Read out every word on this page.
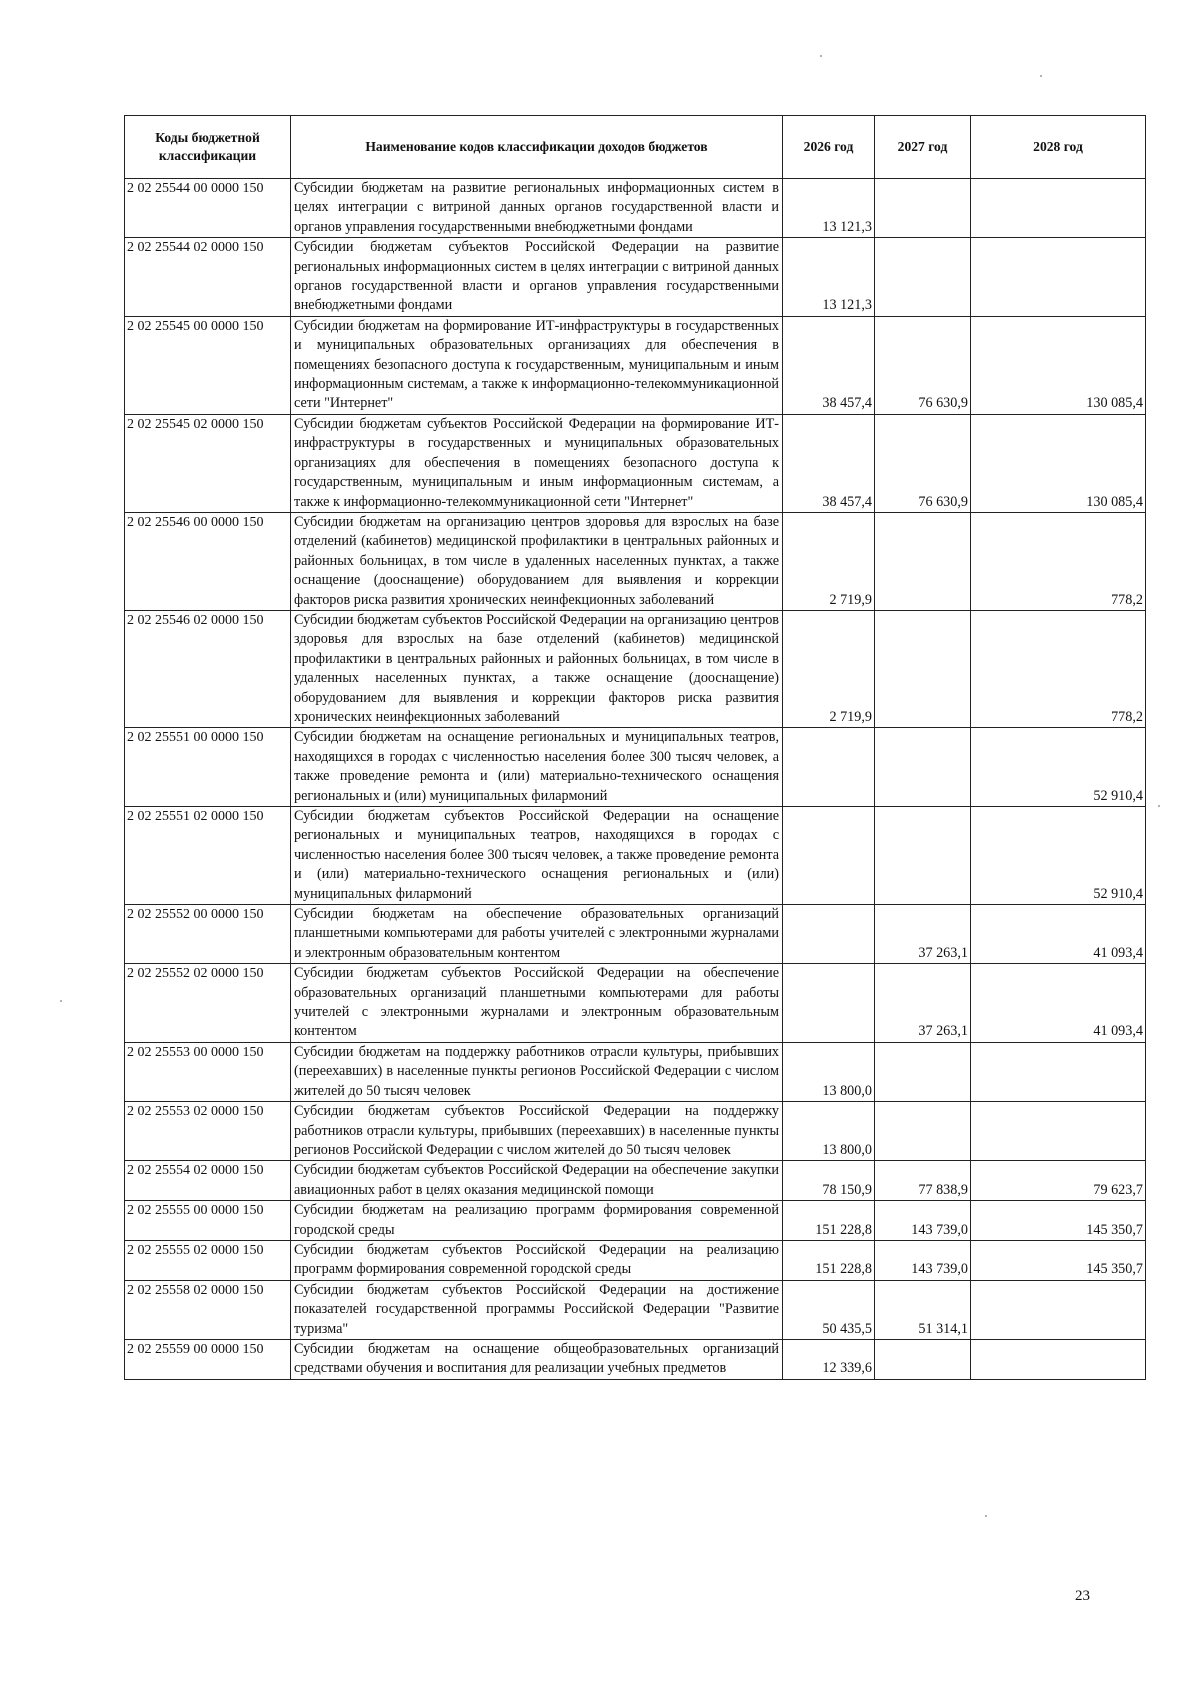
Коды бюджетной классификации	Наименование кодов классификации доходов бюджетов	2026 год	2027 год	2028 год
2 02 25544 00 0000 150	Субсидии бюджетам на развитие региональных информационных систем в целях интеграции с витриной данных органов государственной власти и органов управления государственными внебюджетными фондами	13 121,3		
2 02 25544 02 0000 150	Субсидии бюджетам субъектов Российской Федерации на развитие региональных информационных систем в целях интеграции с витриной данных органов государственной власти и органов управления государственными внебюджетными фондами	13 121,3		
2 02 25545 00 0000 150	Субсидии бюджетам на формирование ИТ-инфраструктуры в государственных и муниципальных образовательных организациях для обеспечения в помещениях безопасного доступа к государственным, муниципальным и иным информационным системам, а также к информационно-телекоммуникационной сети "Интернет"	38 457,4	76 630,9	130 085,4
2 02 25545 02 0000 150	Субсидии бюджетам субъектов Российской Федерации на формирование ИТ-инфраструктуры в государственных и муниципальных образовательных организациях для обеспечения в помещениях безопасного доступа к государственным, муниципальным и иным информационным системам, а также к информационно-телекоммуникационной сети "Интернет"	38 457,4	76 630,9	130 085,4
2 02 25546 00 0000 150	Субсидии бюджетам на организацию центров здоровья для взрослых на базе отделений (кабинетов) медицинской профилактики в центральных районных и районных больницах, в том числе в удаленных населенных пунктах, а также оснащение (дооснащение) оборудованием для выявления и коррекции факторов риска развития хронических неинфекционных заболеваний	2 719,9		778,2
2 02 25546 02 0000 150	Субсидии бюджетам субъектов Российской Федерации на организацию центров здоровья для взрослых на базе отделений (кабинетов) медицинской профилактики в центральных районных и районных больницах, в том числе в удаленных населенных пунктах, а также оснащение (дооснащение) оборудованием для выявления и коррекции факторов риска развития хронических неинфекционных заболеваний	2 719,9		778,2
2 02 25551 00 0000 150	Субсидии бюджетам на оснащение региональных и муниципальных театров, находящихся в городах с численностью населения более 300 тысяч человек, а также проведение ремонта и (или) материально-технического оснащения региональных и (или) муниципальных филармоний			52 910,4
2 02 25551 02 0000 150	Субсидии бюджетам субъектов Российской Федерации на оснащение региональных и муниципальных театров, находящихся в городах с численностью населения более 300 тысяч человек, а также проведение ремонта и (или) материально-технического оснащения региональных и (или) муниципальных филармоний			52 910,4
2 02 25552 00 0000 150	Субсидии бюджетам на обеспечение образовательных организаций планшетными компьютерами для работы учителей с электронными журналами и электронным образовательным контентом		37 263,1	41 093,4
2 02 25552 02 0000 150	Субсидии бюджетам субъектов Российской Федерации на обеспечение образовательных организаций планшетными компьютерами для работы учителей с электронными журналами и электронным образовательным контентом		37 263,1	41 093,4
2 02 25553 00 0000 150	Субсидии бюджетам на поддержку работников отрасли культуры, прибывших (переехавших) в населенные пункты регионов Российской Федерации с числом жителей до 50 тысяч человек	13 800,0		
2 02 25553 02 0000 150	Субсидии бюджетам субъектов Российской Федерации на поддержку работников отрасли культуры, прибывших (переехавших) в населенные пункты регионов Российской Федерации с числом жителей до 50 тысяч человек	13 800,0		
2 02 25554 02 0000 150	Субсидии бюджетам субъектов Российской Федерации на обеспечение закупки авиационных работ в целях оказания медицинской помощи	78 150,9	77 838,9	79 623,7
2 02 25555 00 0000 150	Субсидии бюджетам на реализацию программ формирования современной городской среды	151 228,8	143 739,0	145 350,7
2 02 25555 02 0000 150	Субсидии бюджетам субъектов Российской Федерации на реализацию программ формирования современной городской среды	151 228,8	143 739,0	145 350,7
2 02 25558 02 0000 150	Субсидии бюджетам субъектов Российской Федерации на достижение показателей государственной программы Российской Федерации "Развитие туризма"	50 435,5	51 314,1	
2 02 25559 00 0000 150	Субсидии бюджетам на оснащение общеобразовательных организаций средствами обучения и воспитания для реализации учебных предметов	12 339,6		
23
